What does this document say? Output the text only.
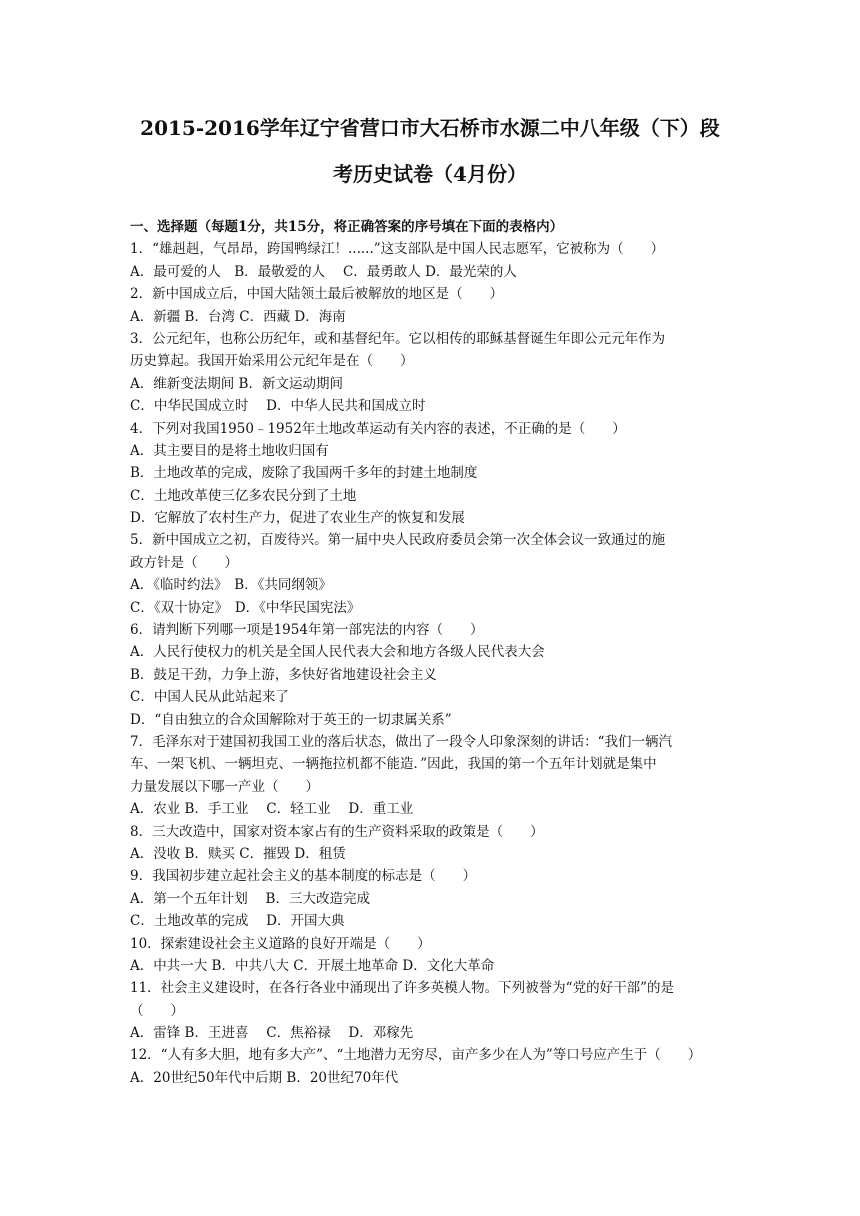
2015-2016学年辽宁省营口市大石桥市水源二中八年级（下）段
考历史试卷（4月份）
一、选择题（每题1分，共15分，将正确答案的序号填在下面的表格内）
1．“雄赳赳，气昂昂，跨国鸭绿江！......”这支部队是中国人民志愿军，它被称为（　　）
A．最可爱的人　B．最敬爱的人　 C．最勇敢人 D．最光荣的人
2．新中国成立后，中国大陆领土最后被解放的地区是（　　）
A．新疆 B．台湾 C．西藏 D．海南
3．公元纪年，也称公历纪年，或和基督纪年。它以相传的耶稣基督诞生年即公元元年作为
历史算起。我国开始采用公元纪年是在（　　）
A．维新变法期间 B．新文运动期间
C．中华民国成立时　 D．中华人民共和国成立时
4．下列对我国1950﹣1952年土地改革运动有关内容的表述，不正确的是（　　）
A．其主要目的是将土地收归国有
B．土地改革的完成，废除了我国两千多年的封建土地制度
C．土地改革使三亿多农民分到了土地
D．它解放了农村生产力，促进了农业生产的恢复和发展
5．新中国成立之初，百废待兴。第一届中央人民政府委员会第一次全体会议一致通过的施
政方针是（　　）
A．《临时约法》　B．《共同纲领》
C．《双十协定》　D．《中华民国宪法》
6．请判断下列哪一项是1954年第一部宪法的内容（　　）
A．人民行使权力的机关是全国人民代表大会和地方各级人民代表大会
B．鼓足干劲，力争上游，多快好省地建设社会主义
C．中国人民从此站起来了
D．“自由独立的合众国解除对于英王的一切隶属关系”
7．毛泽东对于建国初我国工业的落后状态，做出了一段令人印象深刻的讲话：“我们一辆汽
车、一架飞机、一辆坦克、一辆拖拉机都不能造．”因此，我国的第一个五年计划就是集中
力量发展以下哪一产业（　　）
A．农业 B．手工业　 C．轻工业　 D．重工业
8．三大改造中，国家对资本家占有的生产资料采取的政策是（　　）
A．没收 B．赎买 C．摧毁 D．租赁
9．我国初步建立起社会主义的基本制度的标志是（　　）
A．第一个五年计划　 B．三大改造完成
C．土地改革的完成　 D．开国大典
10．探索建设社会主义道路的良好开端是（　　）
A．中共一大 B．中共八大 C．开展土地革命 D．文化大革命
11．社会主义建设时，在各行各业中涌现出了许多英模人物。下列被誉为“党的好干部”的是
（　　）
A．雷锋 B．王进喜　 C．焦裕禄　 D．邓稼先
12．“人有多大胆，地有多大产”、“土地潜力无穷尽，亩产多少在人为”等口号应产生于（　　）
A．20世纪50年代中后期 B．20世纪70年代
